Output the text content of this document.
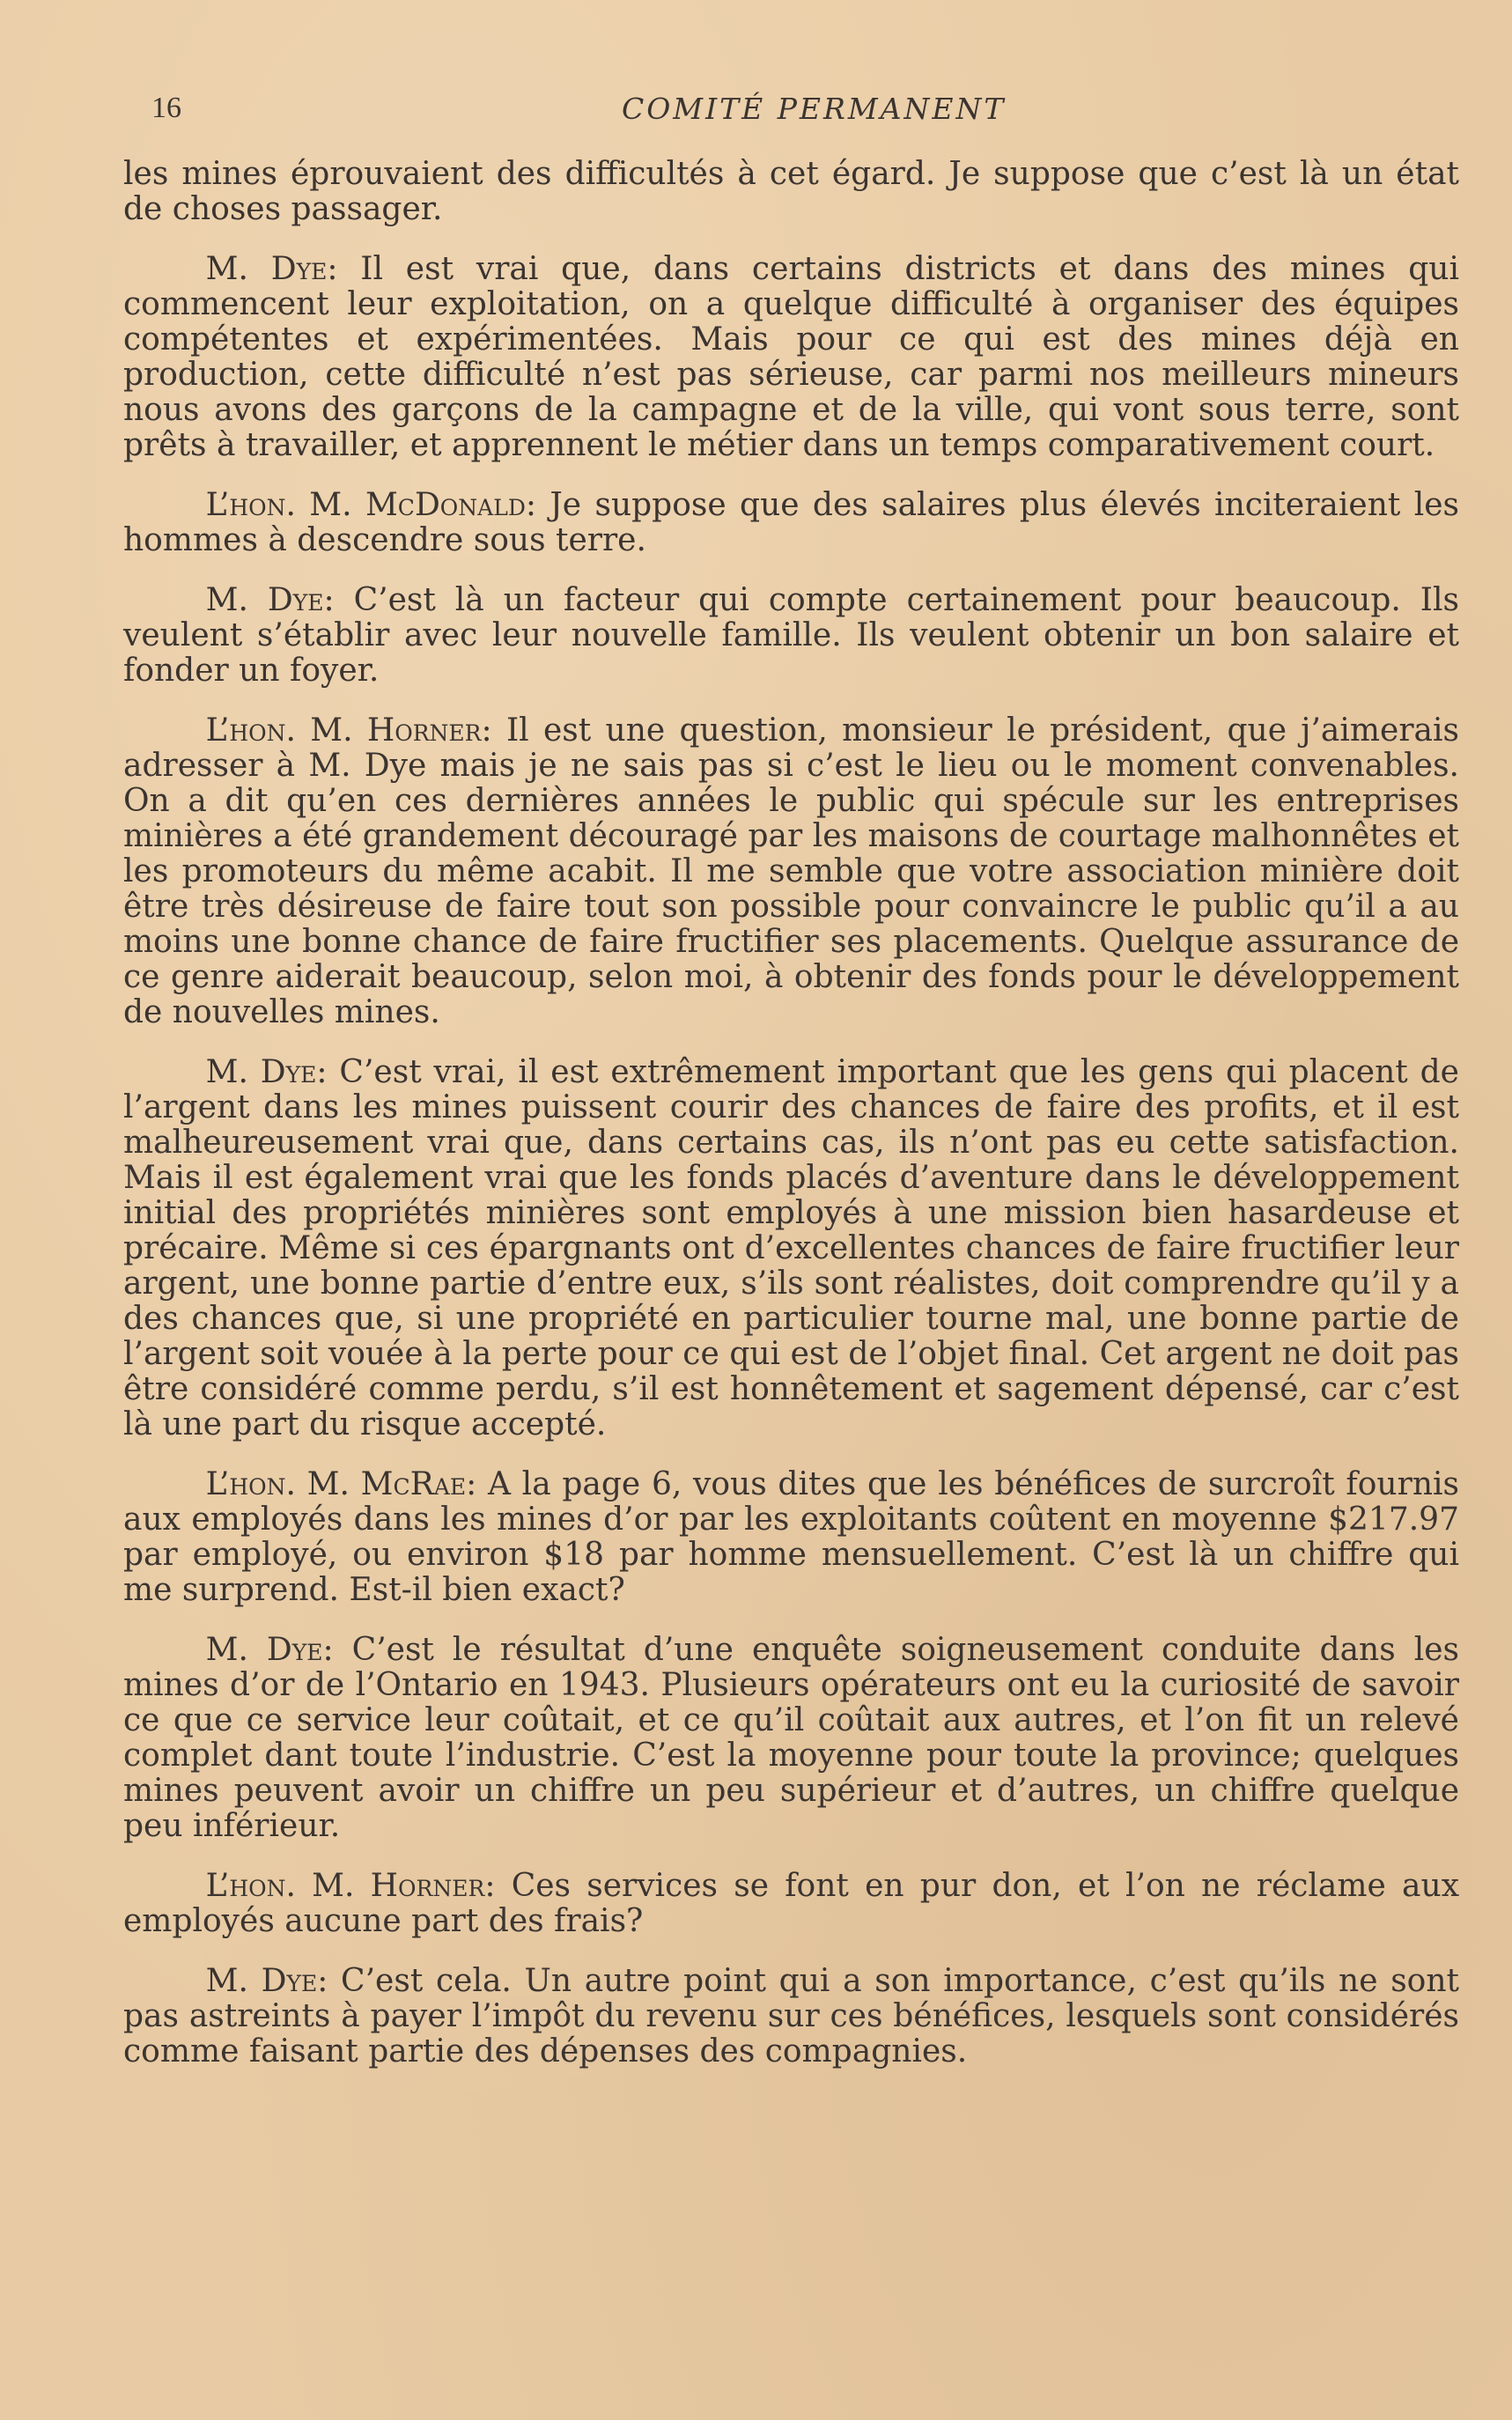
16	COMITÉ PERMANENT

les mines éprouvaient des difficultés à cet égard. Je suppose que c’est là un état de choses passager.

M. Dye: Il est vrai que, dans certains districts et dans des mines qui commencent leur exploitation, on a quelque difficulté à organiser des équipes compétentes et expérimentées. Mais pour ce qui est des mines déjà en production, cette difficulté n’est pas sérieuse, car parmi nos meilleurs mineurs nous avons des garçons de la campagne et de la ville, qui vont sous terre, sont prêts à travailler, et apprennent le métier dans un temps comparativement court.

L’hon. M. McDonald: Je suppose que des salaires plus élevés inciteraient les hommes à descendre sous terre.

M. Dye: C’est là un facteur qui compte certainement pour beaucoup. Ils veulent s’établir avec leur nouvelle famille. Ils veulent obtenir un bon salaire et fonder un foyer.

L’hon. M. Horner: Il est une question, monsieur le président, que j’aimerais adresser à M. Dye mais je ne sais pas si c’est le lieu ou le moment convenables. On a dit qu’en ces dernières années le public qui spécule sur les entreprises minières a été grandement découragé par les maisons de courtage malhonnêtes et les promoteurs du même acabit. Il me semble que votre association minière doit être très désireuse de faire tout son possible pour convaincre le public qu’il a au moins une bonne chance de faire fructifier ses placements. Quelque assurance de ce genre aiderait beaucoup, selon moi, à obtenir des fonds pour le développement de nouvelles mines.

M. Dye: C’est vrai, il est extrêmement important que les gens qui placent de l’argent dans les mines puissent courir des chances de faire des profits, et il est malheureusement vrai que, dans certains cas, ils n’ont pas eu cette satisfaction. Mais il est également vrai que les fonds placés d’aventure dans le développement initial des propriétés minières sont employés à une mission bien hasardeuse et précaire. Même si ces épargnants ont d’excellentes chances de faire fructifier leur argent, une bonne partie d’entre eux, s’ils sont réalistes, doit comprendre qu’il y a des chances que, si une propriété en particulier tourne mal, une bonne partie de l’argent soit vouée à la perte pour ce qui est de l’objet final. Cet argent ne doit pas être considéré comme perdu, s’il est honnêtement et sagement dépensé, car c’est là une part du risque accepté.

L’hon. M. McRae: A la page 6, vous dites que les bénéfices de surcroît fournis aux employés dans les mines d’or par les exploitants coûtent en moyenne $217.97 par employé, ou environ $18 par homme mensuellement. C’est là un chiffre qui me surprend. Est-il bien exact?

M. Dye: C’est le résultat d’une enquête soigneusement conduite dans les mines d’or de l’Ontario en 1943. Plusieurs opérateurs ont eu la curiosité de savoir ce que ce service leur coûtait, et ce qu’il coûtait aux autres, et l’on fit un relevé complet dant toute l’industrie. C’est la moyenne pour toute la province; quelques mines peuvent avoir un chiffre un peu supérieur et d’autres, un chiffre quelque peu inférieur.

L’hon. M. Horner: Ces services se font en pur don, et l’on ne réclame aux employés aucune part des frais?

M. Dye: C’est cela. Un autre point qui a son importance, c’est qu’ils ne sont pas astreints à payer l’impôt du revenu sur ces bénéfices, lesquels sont considérés comme faisant partie des dépenses des compagnies.
